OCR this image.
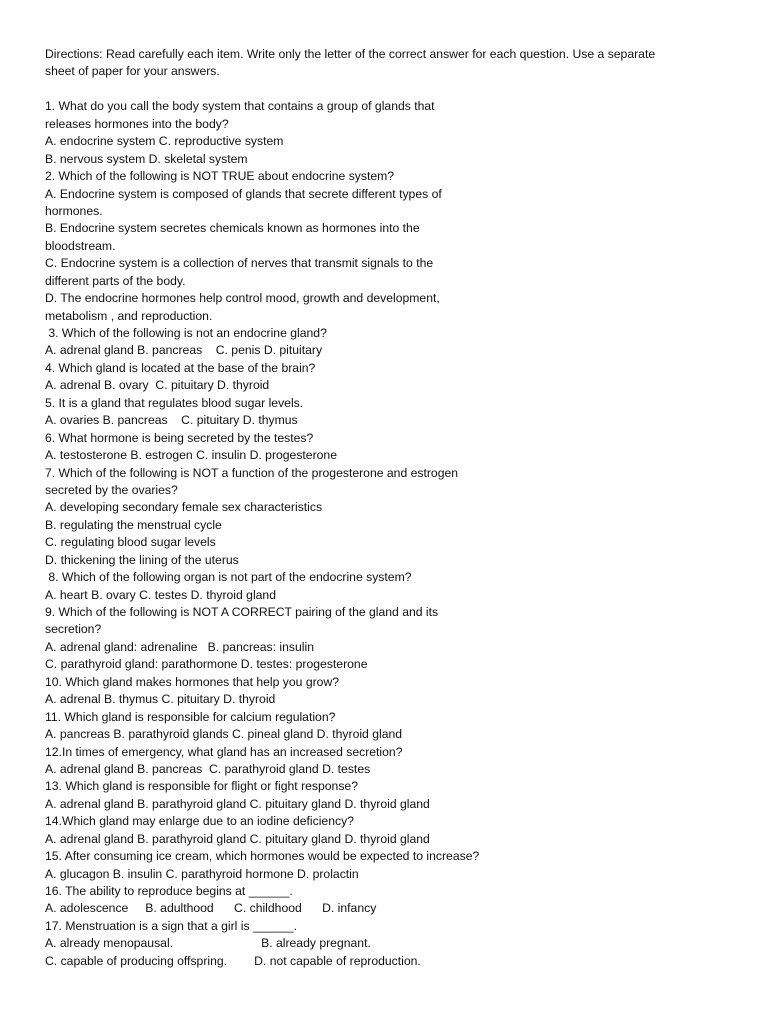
Directions: Read carefully each item. Write only the letter of the correct answer for each question. Use a separate
sheet of paper for your answers.
1. What do you call the body system that contains a group of glands that
releases hormones into the body?
A. endocrine system C. reproductive system
B. nervous system D. skeletal system
2. Which of the following is NOT TRUE about endocrine system?
A. Endocrine system is composed of glands that secrete different types of
hormones.
B. Endocrine system secretes chemicals known as hormones into the
bloodstream.
C. Endocrine system is a collection of nerves that transmit signals to the
different parts of the body.
D. The endocrine hormones help control mood, growth and development,
metabolism , and reproduction.
3. Which of the following is not an endocrine gland?
A. adrenal gland B. pancreas    C. penis D. pituitary
4. Which gland is located at the base of the brain?
A. adrenal B. ovary  C. pituitary D. thyroid
5. It is a gland that regulates blood sugar levels.
A. ovaries B. pancreas    C. pituitary D. thymus
6. What hormone is being secreted by the testes?
A. testosterone B. estrogen C. insulin D. progesterone
7. Which of the following is NOT a function of the progesterone and estrogen
secreted by the ovaries?
A. developing secondary female sex characteristics
B. regulating the menstrual cycle
C. regulating blood sugar levels
D. thickening the lining of the uterus
8. Which of the following organ is not part of the endocrine system?
A. heart B. ovary C. testes D. thyroid gland
9. Which of the following is NOT A CORRECT pairing of the gland and its
secretion?
A. adrenal gland: adrenaline   B. pancreas: insulin
C. parathyroid gland: parathormone D. testes: progesterone
10. Which gland makes hormones that help you grow?
A. adrenal B. thymus C. pituitary D. thyroid
11. Which gland is responsible for calcium regulation?
A. pancreas B. parathyroid glands C. pineal gland D. thyroid gland
12.In times of emergency, what gland has an increased secretion?
A. adrenal gland B. pancreas  C. parathyroid gland D. testes
13. Which gland is responsible for flight or fight response?
A. adrenal gland B. parathyroid gland C. pituitary gland D. thyroid gland
14.Which gland may enlarge due to an iodine deficiency?
A. adrenal gland B. parathyroid gland C. pituitary gland D. thyroid gland
15. After consuming ice cream, which hormones would be expected to increase?
A. glucagon B. insulin C. parathyroid hormone D. prolactin
16. The ability to reproduce begins at ______.
A. adolescence     B. adulthood      C. childhood      D. infancy
17. Menstruation is a sign that a girl is ______.
A. already menopausal.                          B. already pregnant.
C. capable of producing offspring.        D. not capable of reproduction.
